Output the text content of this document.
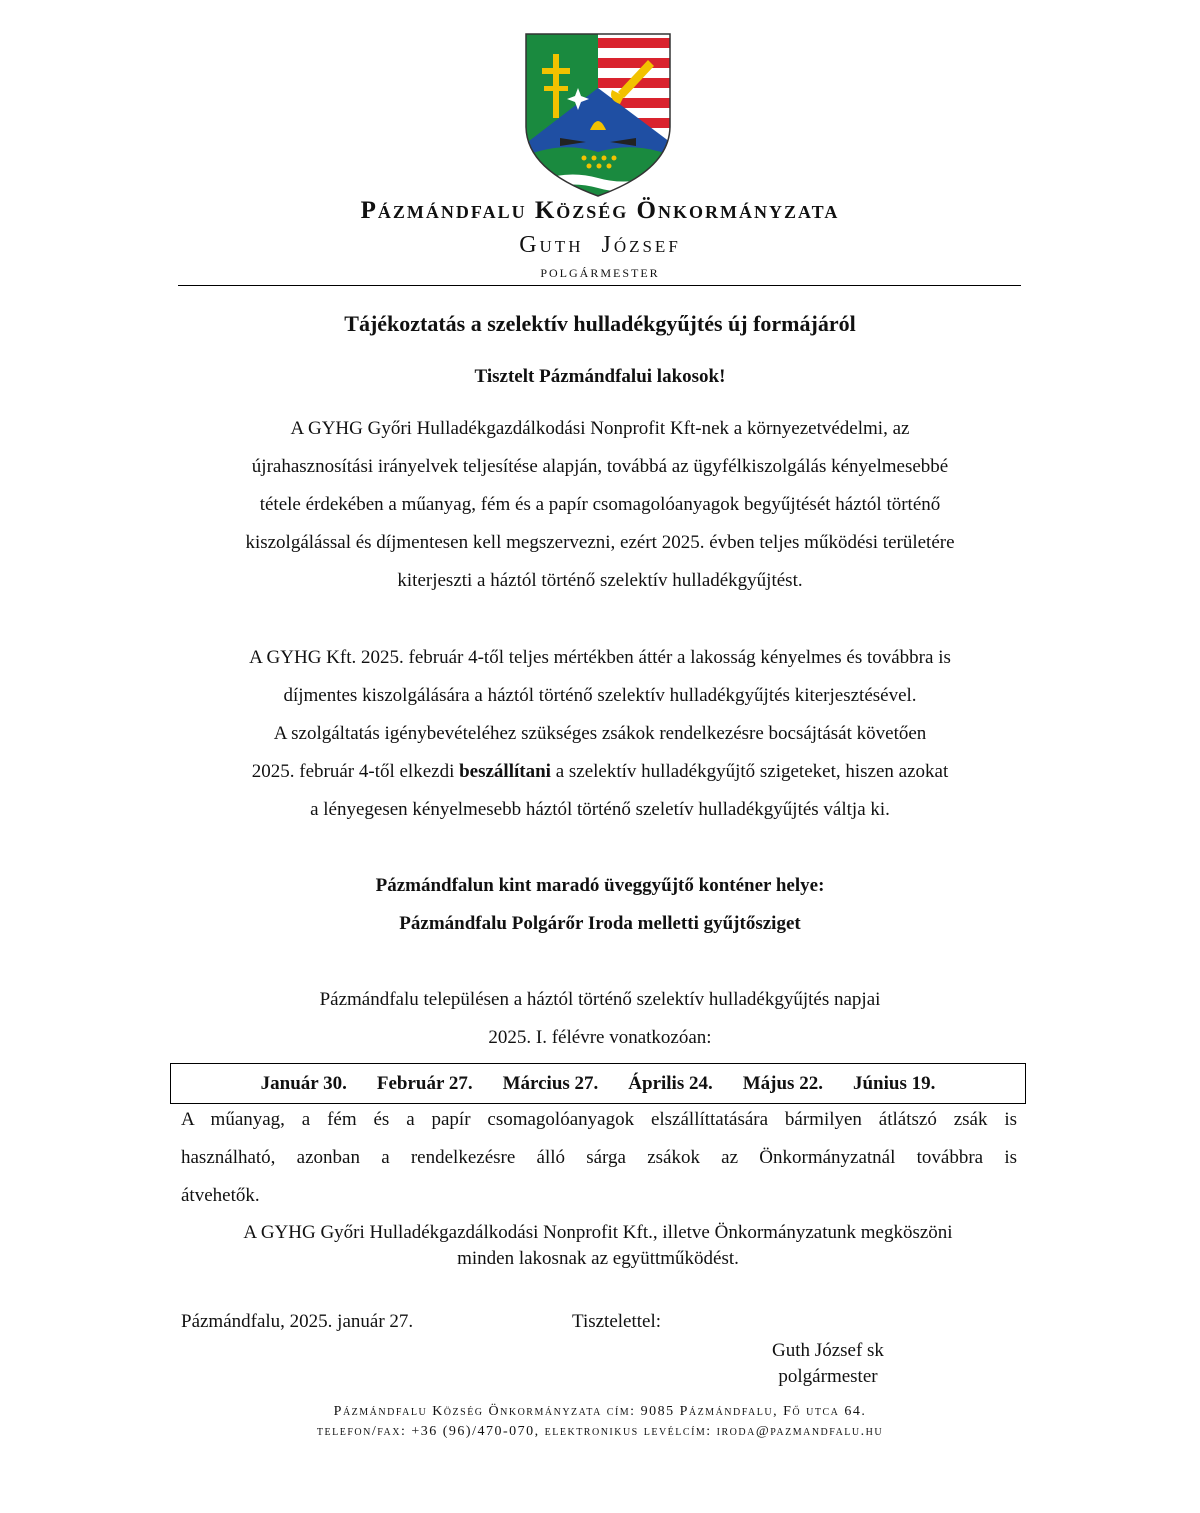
Pázmándfalu Község Önkormányzata
Guth  József
polgármester
Tájékoztatás a szelektív hulladékgyűjtés új formájáról
Tisztelt Pázmándfalui lakosok!
A GYHG Győri Hulladékgazdálkodási Nonprofit Kft-nek a környezetvédelmi, az
újrahasznosítási irányelvek teljesítése alapján, továbbá az ügyfélkiszolgálás kényelmesebbé
tétele érdekében a műanyag, fém és a papír csomagolóanyagok begyűjtését háztól történő
kiszolgálással és díjmentesen kell megszervezni, ezért 2025. évben teljes működési területére
kiterjeszti a háztól történő szelektív hulladékgyűjtést.
A GYHG Kft. 2025. február 4-től teljes mértékben áttér a lakosság kényelmes és továbbra is
díjmentes kiszolgálására a háztól történő szelektív hulladékgyűjtés kiterjesztésével.
A szolgáltatás igénybevételéhez szükséges zsákok rendelkezésre bocsájtását követően
2025. február 4-től elkezdi beszállítani a szelektív hulladékgyűjtő szigeteket, hiszen azokat
a lényegesen kényelmesebb háztól történő szeletív hulladékgyűjtés váltja ki.
Pázmándfalun kint maradó üveggyűjtő konténer helye:
Pázmándfalu Polgárőr Iroda melletti gyűjtősziget
Pázmándfalu településen a háztól történő szelektív hulladékgyűjtés napjai
2025. I. félévre vonatkozóan:
Január 30. Február 27. Március 27. Április 24. Május 22. Június 19.
A műanyag, a fém és a papír csomagolóanyagok elszállíttatására bármilyen átlátszó zsák is
használható, azonban a rendelkezésre álló sárga zsákok az Önkormányzatnál továbbra is
átvehetők.
A GYHG Győri Hulladékgazdálkodási Nonprofit Kft., illetve Önkormányzatunk megköszöni
minden lakosnak az együttműködést.
Pázmándfalu, 2025. január 27.	Tisztelettel:
Guth József sk
polgármester
Pázmándfalu Község Önkormányzata cím: 9085 Pázmándfalu, Fő utca 64.
telefon/fax: +36 (96)/470-070, elektronikus levélcím: iroda@pazmandfalu.hu
